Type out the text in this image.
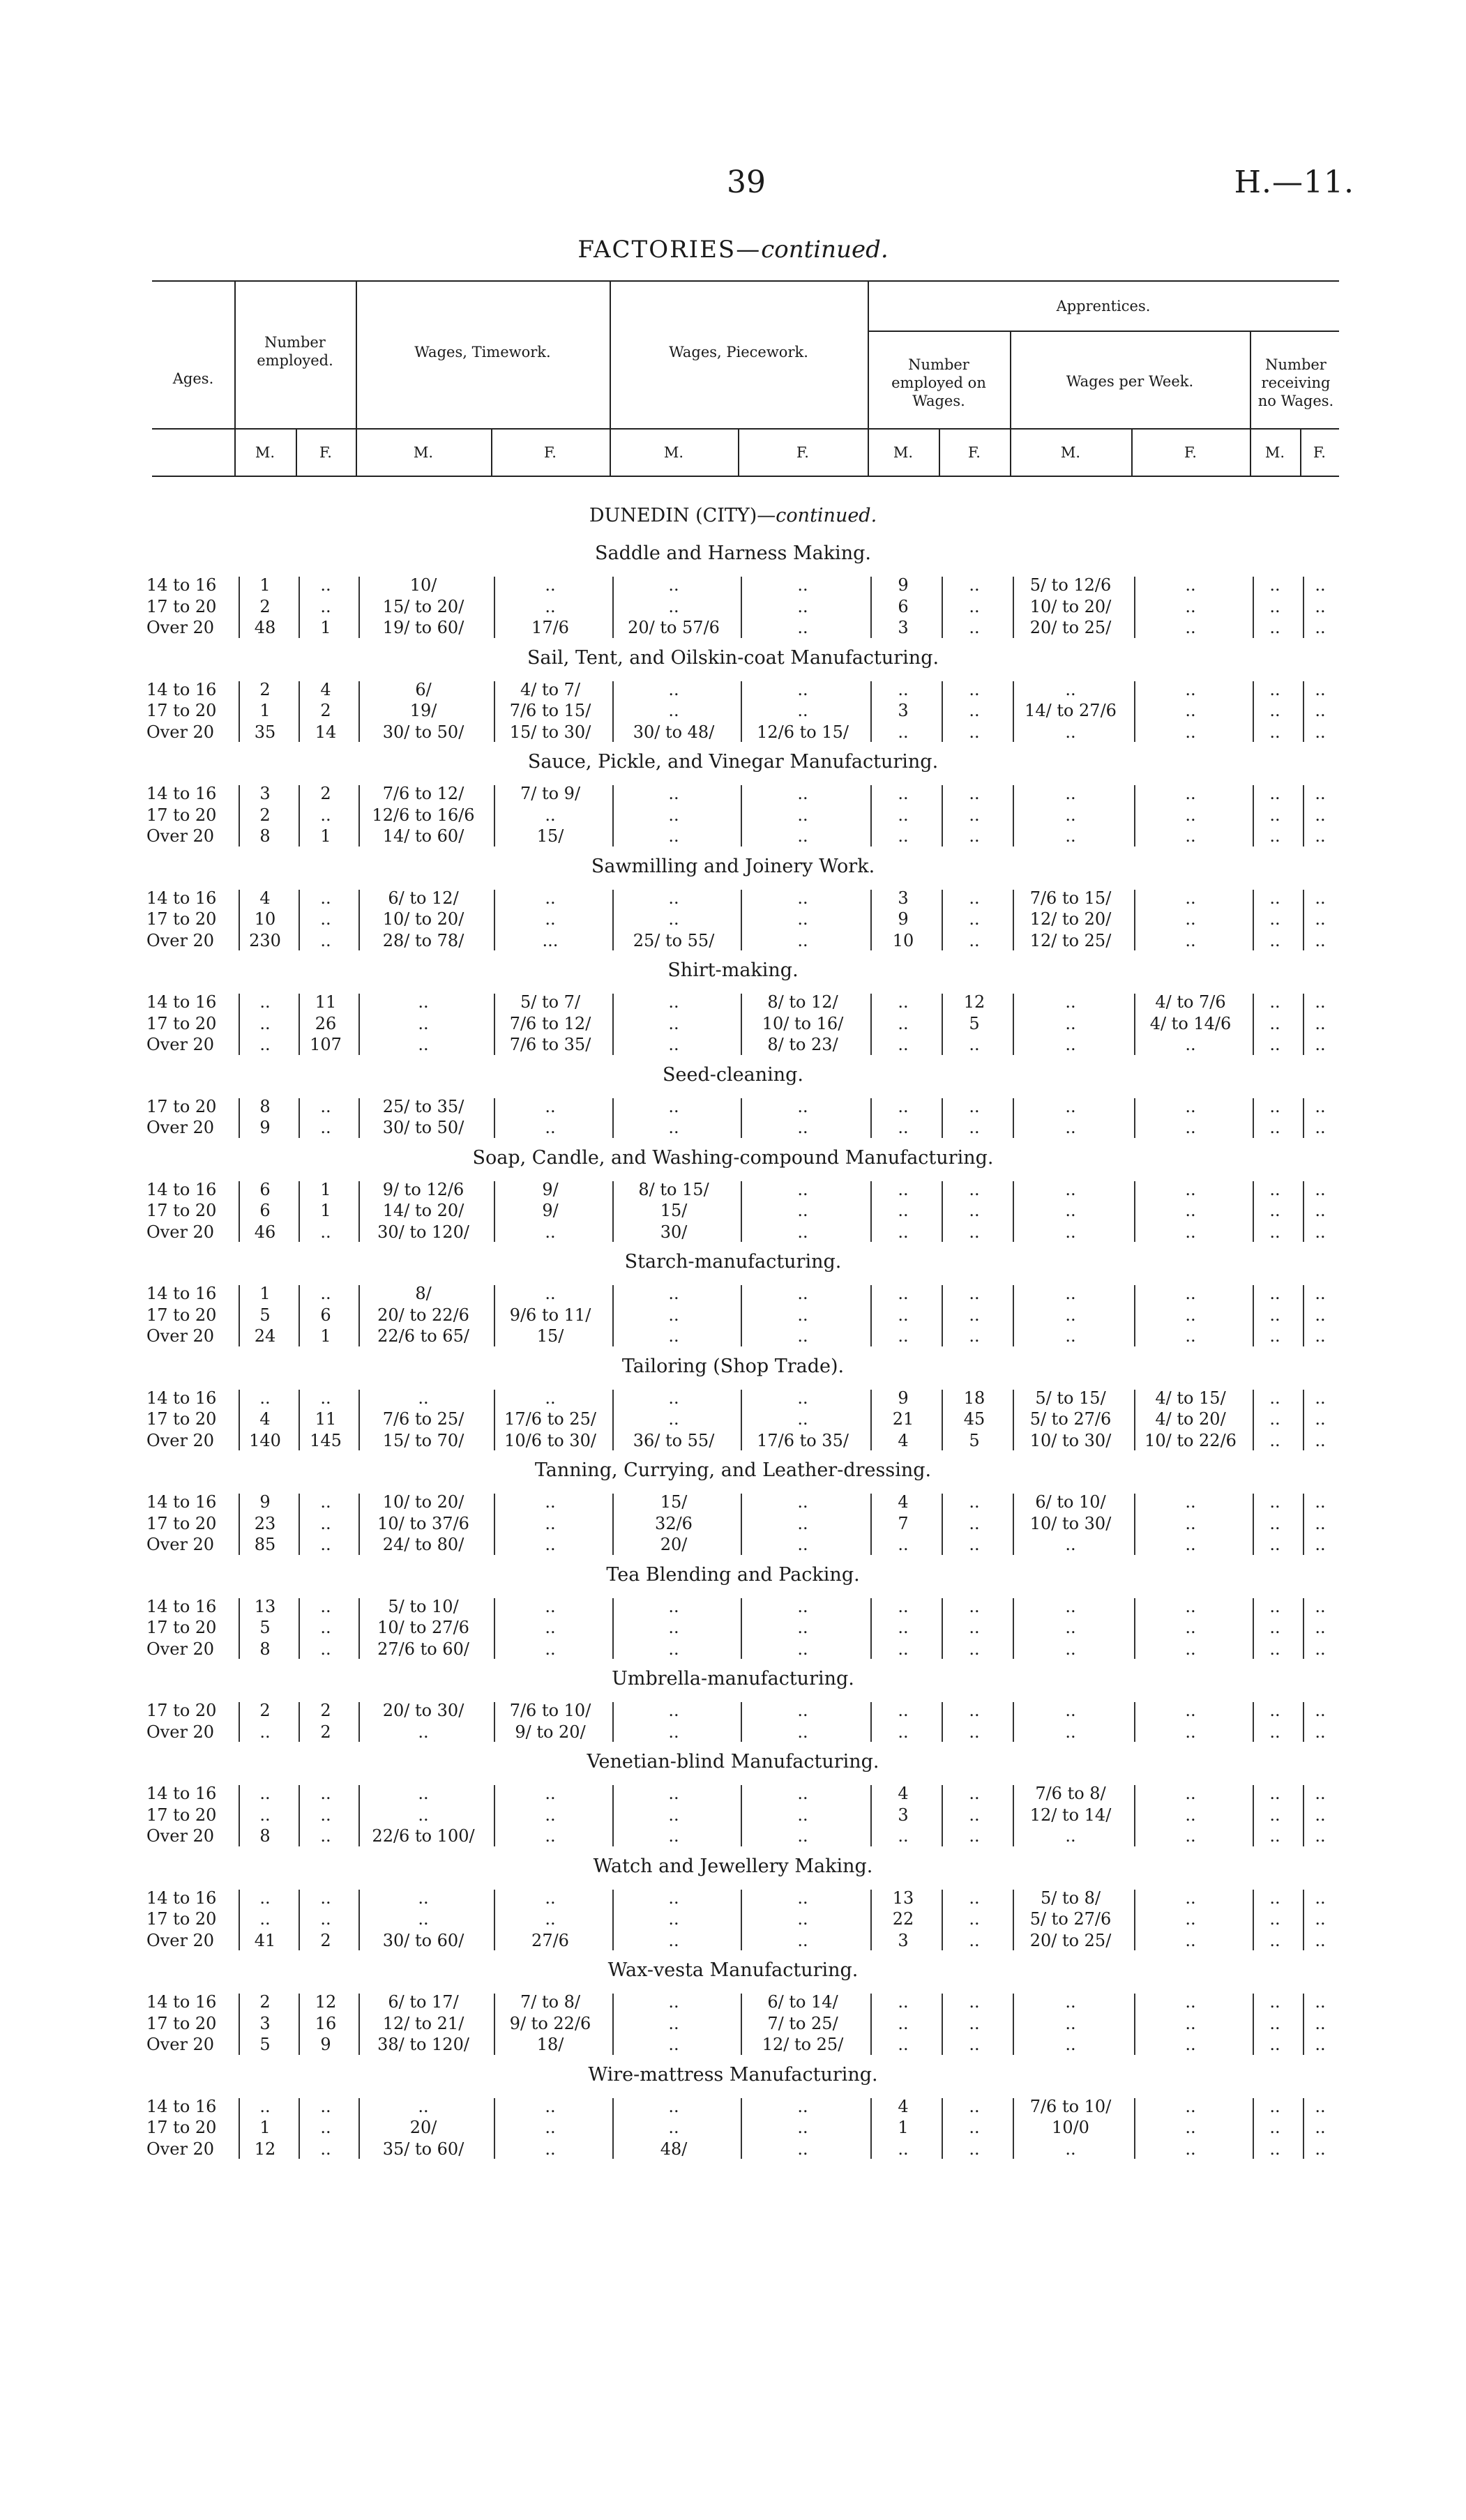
39	H.—11.
FACTORIES—continued.
Ages.
Number employed.	Wages, Timework.	Wages, Piecework.
Apprentices.
Number employed on Wages.
Wages per Week.
Number receiving no Wages.
M.	F.	M.	F.	M.	F.	M.	F.	M.	F.	M.	F.
DUNEDIN (CITY)—continued.
Saddle and Harness Making.
14 to 16	1	..	10/	..	..	..	9	..	5/ to 12/6	..	..	..
17 to 20	2	..	15/ to 20/	..	..	..	6	..	10/ to 20/	..	..	..
Over 20	48	1	19/ to 60/	17/6	20/ to 57/6	..	3	..	20/ to 25/	..	..	..
Sail, Tent, and Oilskin-coat Manufacturing.
14 to 16	2	4	6/	4/ to 7/	..	..	..	..	..	..	..	..
17 to 20	1	2	19/	7/6 to 15/	..	..	3	..	14/ to 27/6	..	..	..
Over 20	35	14	30/ to 50/	15/ to 30/	30/ to 48/	12/6 to 15/	..	..	..	..	..	..
Sauce, Pickle, and Vinegar Manufacturing.
14 to 16	3	2	7/6 to 12/	7/ to 9/	..	..	..	..	..	..	..	..
17 to 20	2	..	12/6 to 16/6	..	..	..	..	..	..	..	..	..
Over 20	8	1	14/ to 60/	15/	..	..	..	..	..	..	..	..
Sawmilling and Joinery Work.
14 to 16	4	..	6/ to 12/	..	..	..	3	..	7/6 to 15/	..	..	..
17 to 20	10	..	10/ to 20/	..	..	..	9	..	12/ to 20/	..	..	..
Over 20	230	..	28/ to 78/	...	25/ to 55/	..	10	..	12/ to 25/	..	..	..
Shirt-making.
14 to 16	..	11	..	5/ to 7/	..	8/ to 12/	..	12	..	4/ to 7/6	..	..
17 to 20	..	26	..	7/6 to 12/	..	10/ to 16/	..	5	..	4/ to 14/6	..	..
Over 20	..	107	..	7/6 to 35/	..	8/ to 23/	..	..	..	..	..	..
Seed-cleaning.
17 to 20	8	..	25/ to 35/	..	..	..	..	..	..	..	..	..
Over 20	9	..	30/ to 50/	..	..	..	..	..	..	..	..	..
Soap, Candle, and Washing-compound Manufacturing.
14 to 16	6	1	9/ to 12/6	9/	8/ to 15/	..	..	..	..	..	..	..
17 to 20	6	1	14/ to 20/	9/	15/	..	..	..	..	..	..	..
Over 20	46	..	30/ to 120/	..	30/	..	..	..	..	..	..	..
Starch-manufacturing.
14 to 16	1	..	8/	..	..	..	..	..	..	..	..	..
17 to 20	5	6	20/ to 22/6	9/6 to 11/	..	..	..	..	..	..	..	..
Over 20	24	1	22/6 to 65/	15/	..	..	..	..	..	..	..	..
Tailoring (Shop Trade).
14 to 16	..	..	..	..	..	..	9	18	5/ to 15/	4/ to 15/	..	..
17 to 20	4	11	7/6 to 25/	17/6 to 25/	..	..	21	45	5/ to 27/6	4/ to 20/	..	..
Over 20	140	145	15/ to 70/	10/6 to 30/	36/ to 55/	17/6 to 35/	4	5	10/ to 30/	10/ to 22/6	..	..
Tanning, Currying, and Leather-dressing.
14 to 16	9	..	10/ to 20/	..	15/	..	4	..	6/ to 10/	..	..	..
17 to 20	23	..	10/ to 37/6	..	32/6	..	7	..	10/ to 30/	..	..	..
Over 20	85	..	24/ to 80/	..	20/	..	..	..	..	..	..	..
Tea Blending and Packing.
14 to 16	13	..	5/ to 10/	..	..	..	..	..	..	..	..	..
17 to 20	5	..	10/ to 27/6	..	..	..	..	..	..	..	..	..
Over 20	8	..	27/6 to 60/	..	..	..	..	..	..	..	..	..
Umbrella-manufacturing.
17 to 20	2	2	20/ to 30/	7/6 to 10/	..	..	..	..	..	..	..	..
Over 20	..	2	..	9/ to 20/	..	..	..	..	..	..	..	..
Venetian-blind Manufacturing.
14 to 16	..	..	..	..	..	..	4	..	7/6 to 8/	..	..	..
17 to 20	..	..	..	..	..	..	3	..	12/ to 14/	..	..	..
Over 20	8	..	22/6 to 100/	..	..	..	..	..	..	..	..	..
Watch and Jewellery Making.
14 to 16	..	..	..	..	..	..	13	..	5/ to 8/	..	..	..
17 to 20	..	..	..	..	..	..	22	..	5/ to 27/6	..	..	..
Over 20	41	2	30/ to 60/	27/6	..	..	3	..	20/ to 25/	..	..	..
Wax-vesta Manufacturing.
14 to 16	2	12	6/ to 17/	7/ to 8/	..	6/ to 14/	..	..	..	..	..	..
17 to 20	3	16	12/ to 21/	9/ to 22/6	..	7/ to 25/	..	..	..	..	..	..
Over 20	5	9	38/ to 120/	18/	..	12/ to 25/	..	..	..	..	..	..
Wire-mattress Manufacturing.
14 to 16	..	..	..	..	..	..	4	..	7/6 to 10/	..	..	..
17 to 20	1	..	20/	..	..	..	1	..	10/0	..	..	..
Over 20	12	..	35/ to 60/	..	48/	..	..	..	..	..	..	..
